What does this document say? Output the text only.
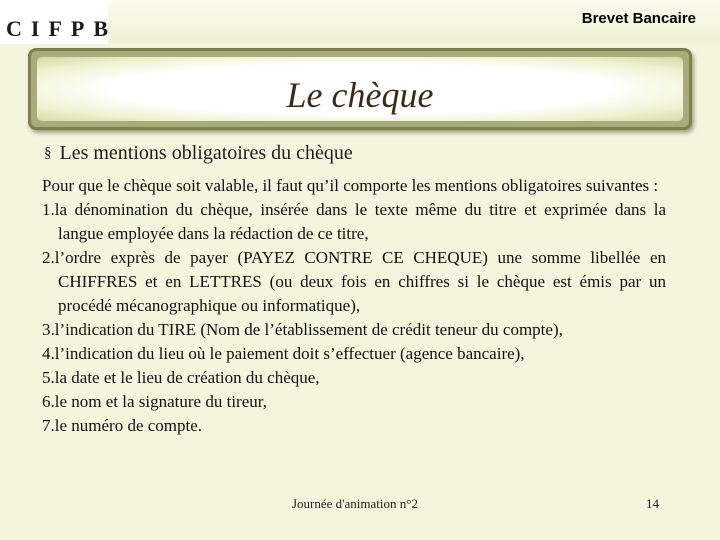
CIFPB	Brevet Bancaire
Le chèque
§ Les mentions obligatoires du chèque

Pour que le chèque soit valable, il faut qu’il comporte les mentions obligatoires suivantes :

1.la dénomination du chèque, insérée dans le texte même du titre et exprimée dans la langue employée dans la rédaction de ce titre,
2.l’ordre exprès de payer (PAYEZ CONTRE CE CHEQUE) une somme libellée en CHIFFRES et en LETTRES (ou deux fois en chiffres si le chèque est émis par un procédé mécanographique ou informatique),
3.l’indication du TIRE (Nom de l’établissement de crédit teneur du compte),
4.l’indication du lieu où le paiement doit s’effectuer (agence bancaire),
5.la date et le lieu de création du chèque,
6.le nom et la signature du tireur,
7.le numéro de compte.
Journée d'animation n°2	14
